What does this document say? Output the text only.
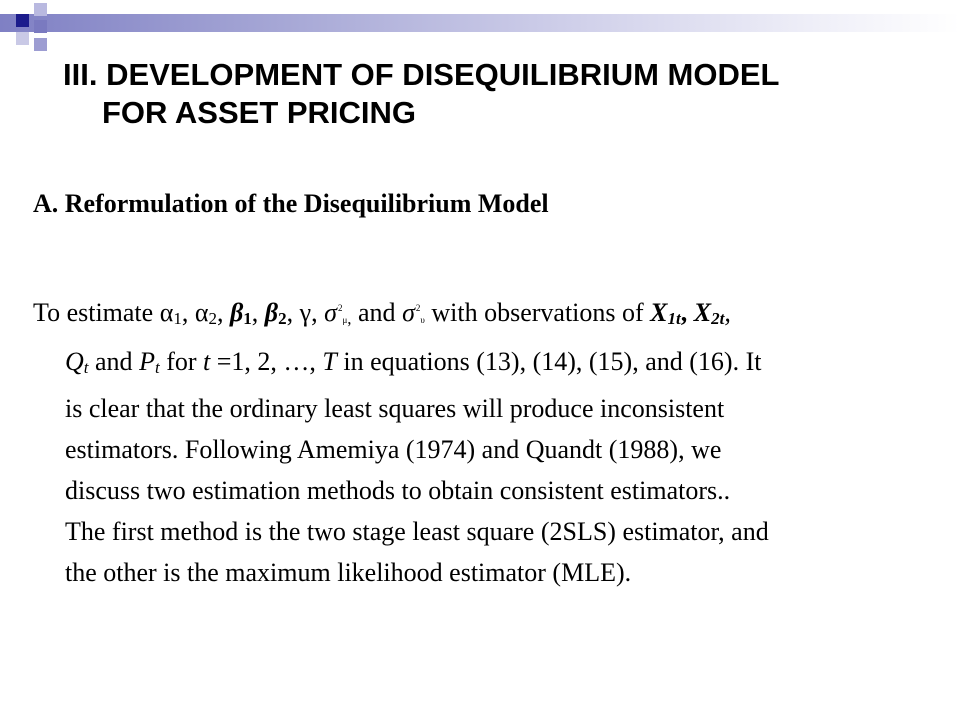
III. DEVELOPMENT OF DISEQUILIBRIUM MODEL
FOR ASSET PRICING
A. Reformulation of the Disequilibrium Model
To estimate α1, α2, β1, β2, γ, $\sigma^2\mu$, and $\sigma^2\upsilon$ with observations of X1t, X2t,
Qt and Pt for t =1, 2, …, T in equations (13), (14), (15), and (16). It
is clear that the ordinary least squares will produce inconsistent
estimators. Following Amemiya (1974) and Quandt (1988), we
discuss two estimation methods to obtain consistent estimators..
The first method is the two stage least square (2SLS) estimator, and
the other is the maximum likelihood estimator (MLE).
